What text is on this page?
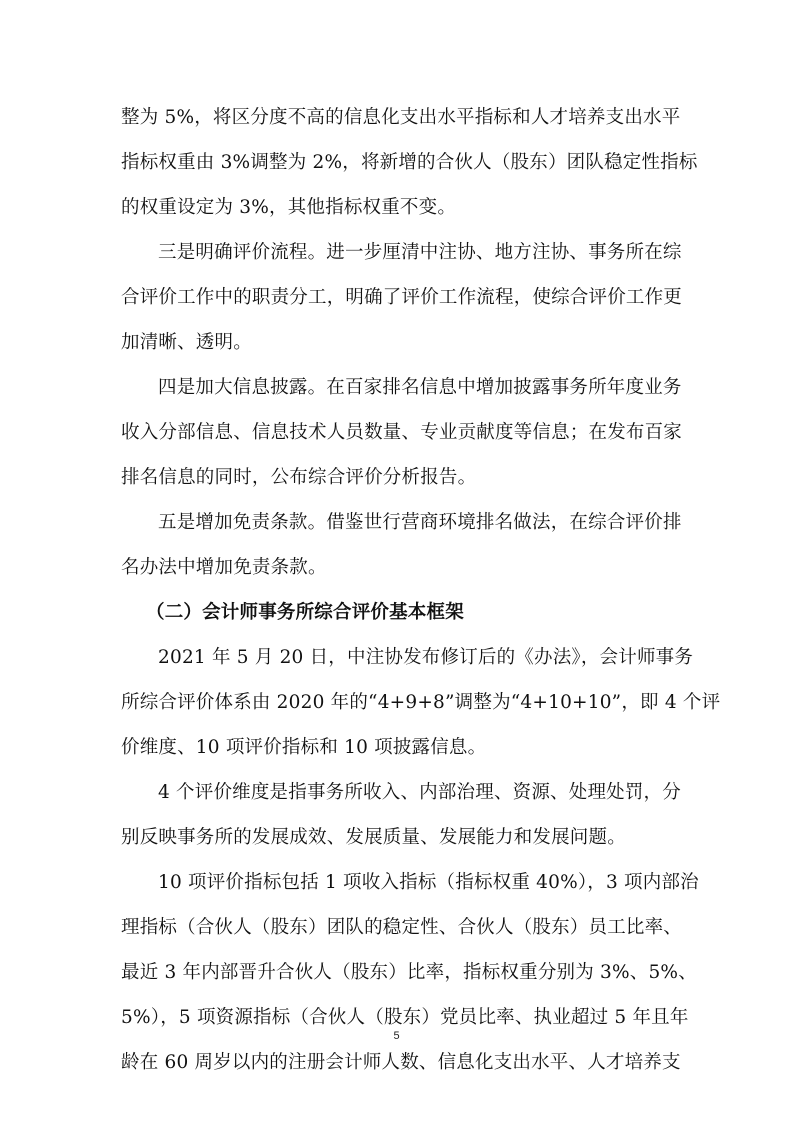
整为 5%，将区分度不高的信息化支出水平指标和人才培养支出水平
指标权重由 3%调整为 2%，将新增的合伙人（股东）团队稳定性指标
的权重设定为 3%，其他指标权重不变。
三是明确评价流程。进一步厘清中注协、地方注协、事务所在综
合评价工作中的职责分工，明确了评价工作流程，使综合评价工作更
加清晰、透明。
四是加大信息披露。在百家排名信息中增加披露事务所年度业务
收入分部信息、信息技术人员数量、专业贡献度等信息；在发布百家
排名信息的同时，公布综合评价分析报告。
五是增加免责条款。借鉴世行营商环境排名做法，在综合评价排
名办法中增加免责条款。
（二）会计师事务所综合评价基本框架
2021 年 5 月 20 日，中注协发布修订后的《办法》，会计师事务
所综合评价体系由 2020 年的“4+9+8”调整为“4+10+10”，即 4 个评
价维度、10 项评价指标和 10 项披露信息。
4 个评价维度是指事务所收入、内部治理、资源、处理处罚，分
别反映事务所的发展成效、发展质量、发展能力和发展问题。
10 项评价指标包括 1 项收入指标（指标权重 40%），3 项内部治
理指标（合伙人（股东）团队的稳定性、合伙人（股东）员工比率、
最近 3 年内部晋升合伙人（股东）比率，指标权重分别为 3%、5%、
5%），5 项资源指标（合伙人（股东）党员比率、执业超过 5 年且年
龄在 60 周岁以内的注册会计师人数、信息化支出水平、人才培养支
5
